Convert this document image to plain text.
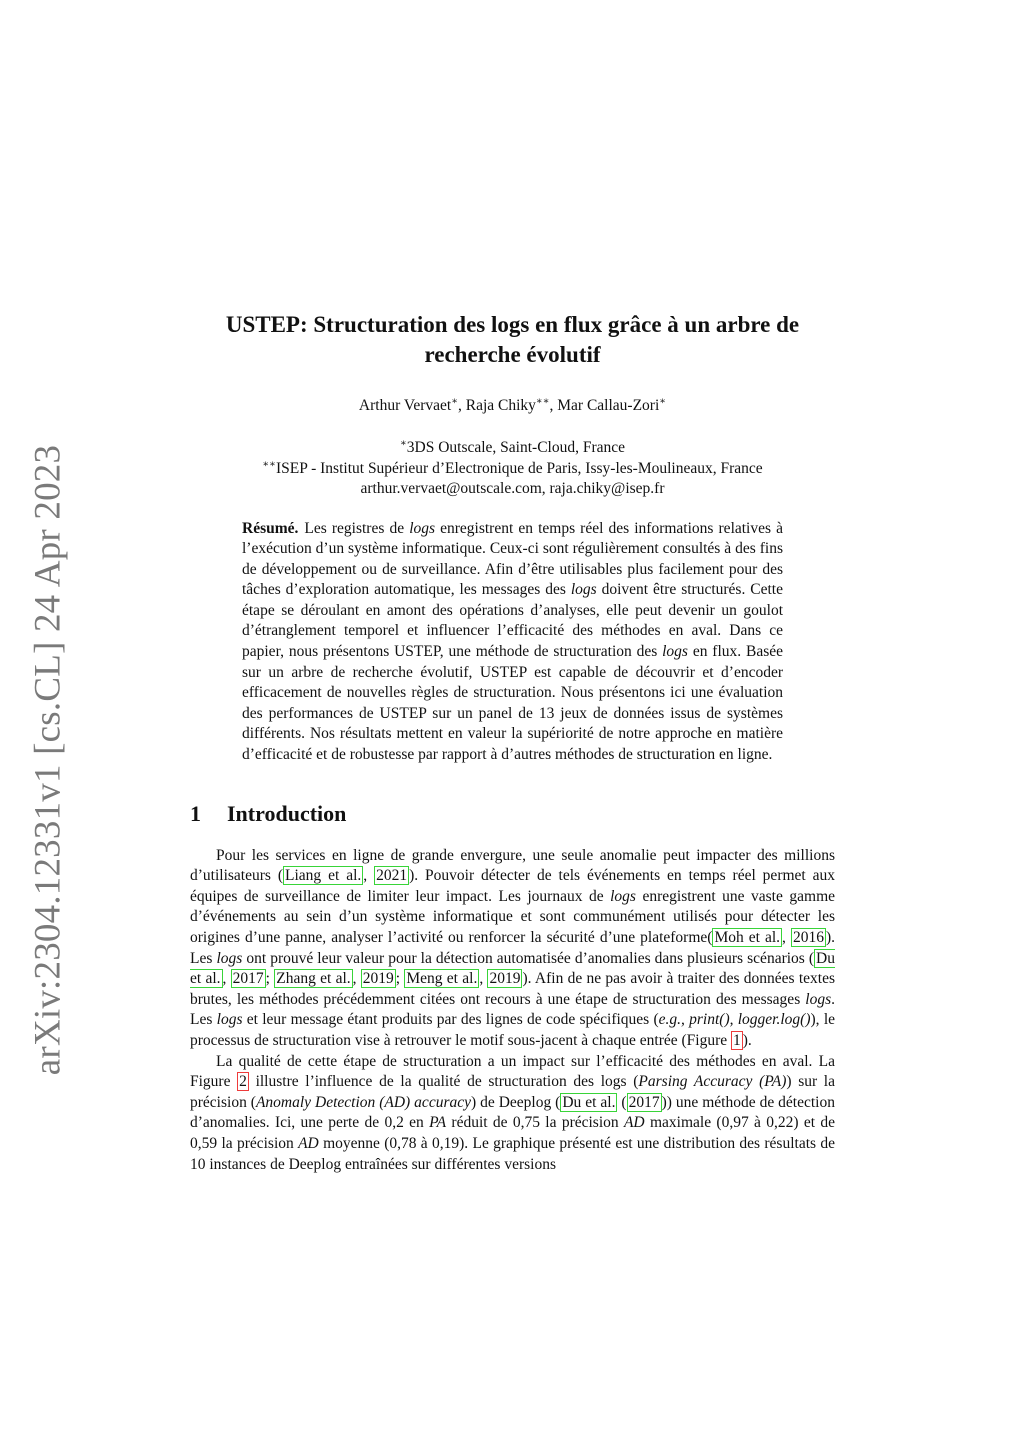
arXiv:2304.12331v1 [cs.CL] 24 Apr 2023
USTEP: Structuration des logs en flux grâce à un arbre de
recherche évolutif
Arthur Vervaet∗, Raja Chiky∗∗, Mar Callau-Zori∗
∗3DS Outscale, Saint-Cloud, France
∗∗ISEP - Institut Supérieur d’Electronique de Paris, Issy-les-Moulineaux, France
arthur.vervaet@outscale.com, raja.chiky@isep.fr
Résumé. Les registres de logs enregistrent en temps réel des informations relatives à l’exécution d’un système informatique. Ceux-ci sont régulièrement consultés à des fins de développement ou de surveillance. Afin d’être utilisables plus facilement pour des tâches d’exploration automatique, les messages des logs doivent être structurés. Cette étape se déroulant en amont des opérations d’analyses, elle peut devenir un goulot d’étranglement temporel et influencer l’efficacité des méthodes en aval. Dans ce papier, nous présentons USTEP, une méthode de structuration des logs en flux. Basée sur un arbre de recherche évolutif, USTEP est capable de découvrir et d’encoder efficacement de nouvelles règles de structuration. Nous présentons ici une évaluation des performances de USTEP sur un panel de 13 jeux de données issus de systèmes différents. Nos résultats mettent en valeur la supériorité de notre approche en matière d’efficacité et de robustesse par rapport à d’autres méthodes de structuration en ligne.
1 Introduction

Pour les services en ligne de grande envergure, une seule anomalie peut impacter des millions d’utilisateurs ( Liang et al. , 2021 ). Pouvoir détecter de tels événements en temps réel permet aux équipes de surveillance de limiter leur impact. Les journaux de logs enregistrent une vaste gamme d’événements au sein d’un système informatique et sont communément utilisés pour détecter les origines d’une panne, analyser l’activité ou renforcer la sécurité d’une plateforme( Moh et al. , 2016 ). Les logs ont prouvé leur valeur pour la détection automatisée d’anomalies dans plusieurs scénarios ( Du et al. , 2017 ; Zhang et al. , 2019 ; Meng et al. , 2019 ). Afin de ne pas avoir à traiter des données textes brutes, les méthodes précédemment citées ont recours à une étape de structuration des messages logs. Les logs et leur message étant produits par des lignes de code spécifiques (e.g., print(), logger.log()), le processus de structuration vise à retrouver le motif sous-jacent à chaque entrée (Figure 1 ).

La qualité de cette étape de structuration a un impact sur l’efficacité des méthodes en aval. La Figure 2 illustre l’influence de la qualité de structuration des logs (Parsing Accuracy (PA)) sur la précision (Anomaly Detection (AD) accuracy) de Deeplog ( Du et al. ( 2017 )) une méthode de détection d’anomalies. Ici, une perte de 0,2 en PA réduit de 0,75 la précision AD maximale (0,97 à 0,22) et de 0,59 la précision AD moyenne (0,78 à 0,19). Le graphique présenté est une distribution des résultats de 10 instances de Deeplog entraînées sur différentes versions
